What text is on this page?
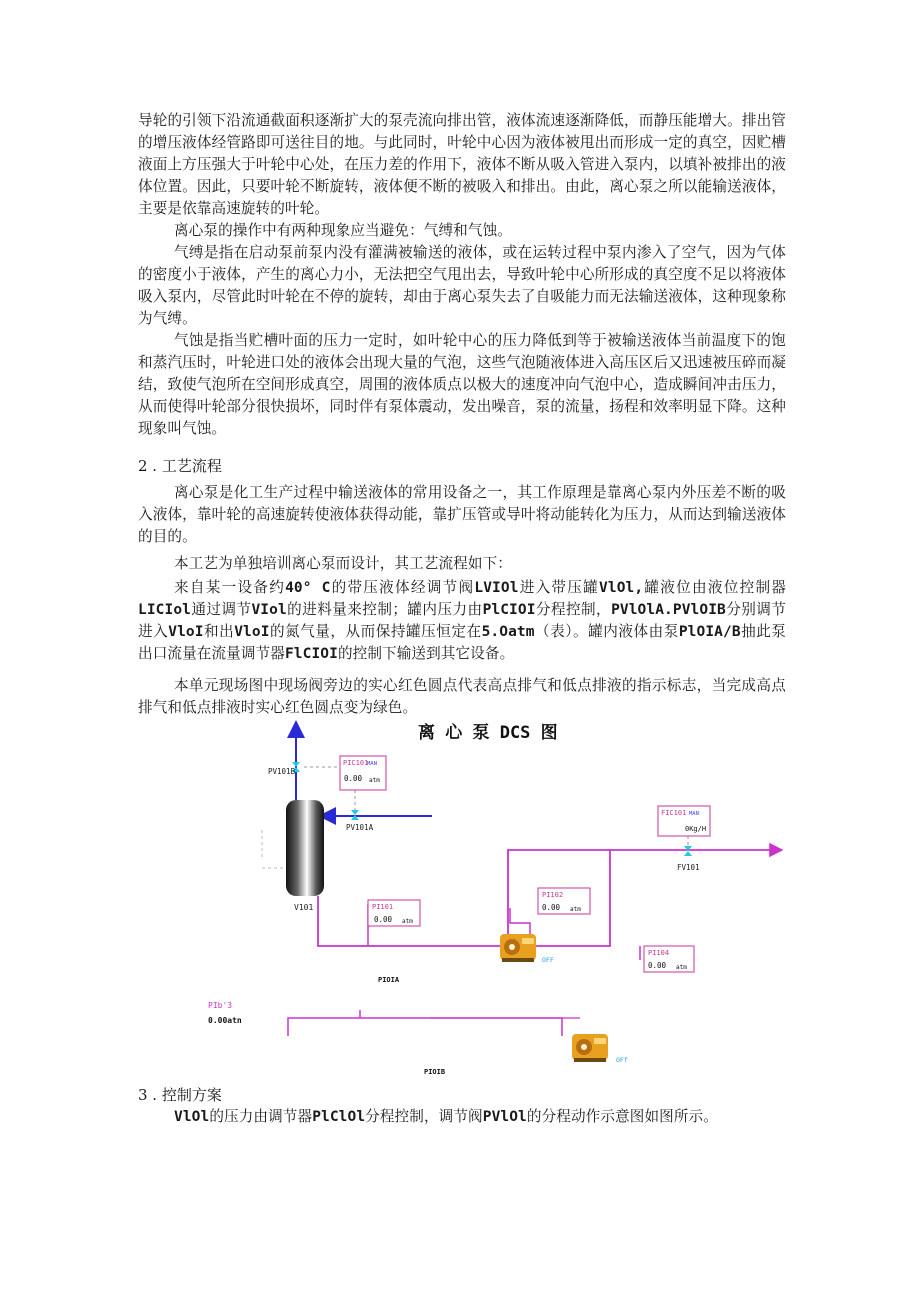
导轮的引领下沿流通截面积逐渐扩大的泵壳流向排出管，液体流速逐渐降低，而静压能增大。排出管的增压液体经管路即可送往目的地。与此同时，叶轮中心因为液体被甩出而形成一定的真空，因贮槽液面上方压强大于叶轮中心处，在压力差的作用下，液体不断从吸入管进入泵内，以填补被排出的液体位置。因此，只要叶轮不断旋转，液体便不断的被吸入和排出。由此，离心泵之所以能输送液体，主要是依靠高速旋转的叶轮。

离心泵的操作中有两种现象应当避免：气缚和气蚀。

气缚是指在启动泵前泵内没有灌满被输送的液体，或在运转过程中泵内渗入了空气，因为气体的密度小于液体，产生的离心力小，无法把空气甩出去，导致叶轮中心所形成的真空度不足以将液体吸入泵内，尽管此时叶轮在不停的旋转，却由于离心泵失去了自吸能力而无法输送液体，这种现象称为气缚。

气蚀是指当贮槽叶面的压力一定时，如叶轮中心的压力降低到等于被输送液体当前温度下的饱和蒸汽压时，叶轮进口处的液体会出现大量的气泡，这些气泡随液体进入高压区后又迅速被压碎而凝结，致使气泡所在空间形成真空，周围的液体质点以极大的速度冲向气泡中心，造成瞬间冲击压力，从而使得叶轮部分很快损坏，同时伴有泵体震动，发出噪音，泵的流量，扬程和效率明显下降。这种现象叫气蚀。

2 . 工艺流程

离心泵是化工生产过程中输送液体的常用设备之一，其工作原理是靠离心泵内外压差不断的吸入液体，靠叶轮的高速旋转使液体获得动能，靠扩压管或导叶将动能转化为压力，从而达到输送液体的目的。

本工艺为单独培训离心泵而设计，其工艺流程如下：

来自某一设备约40° C的带压液体经调节阀LVIOl进入带压罐VlOl,罐液位由液位控制器LICIol通过调节VIol的进料量来控制；罐内压力由PlCIOI分程控制，PVlOlA.PVlOIB分别调节进入VloI和出VloI的氮气量，从而保持罐压恒定在5.Oatm（表）。罐内液体由泵PlOIA/B抽此泵出口流量在流量调节器FlCIOI的控制下输送到其它设备。

本单元现场图中现场阀旁边的实心红色圆点代表高点排气和低点排液的指示标志，当完成高点排气和低点排液时实心红色圆点变为绿色。

离 心 泵 DCS 图
V101
PV101B
PV101A
FV101
PIC101
MAN
0.00 atm
FIC101 MAN
0Kg/H
PI101
0.00 atm
PI102
0.00 atm
PI104
0.00 atm
PIb'3
0.00atn
OFF
PIOIA
OFf
PIOIB

3 . 控制方案

VlOl的压力由调节器PlClOl分程控制，调节阀PVlOl的分程动作示意图如图所示。
